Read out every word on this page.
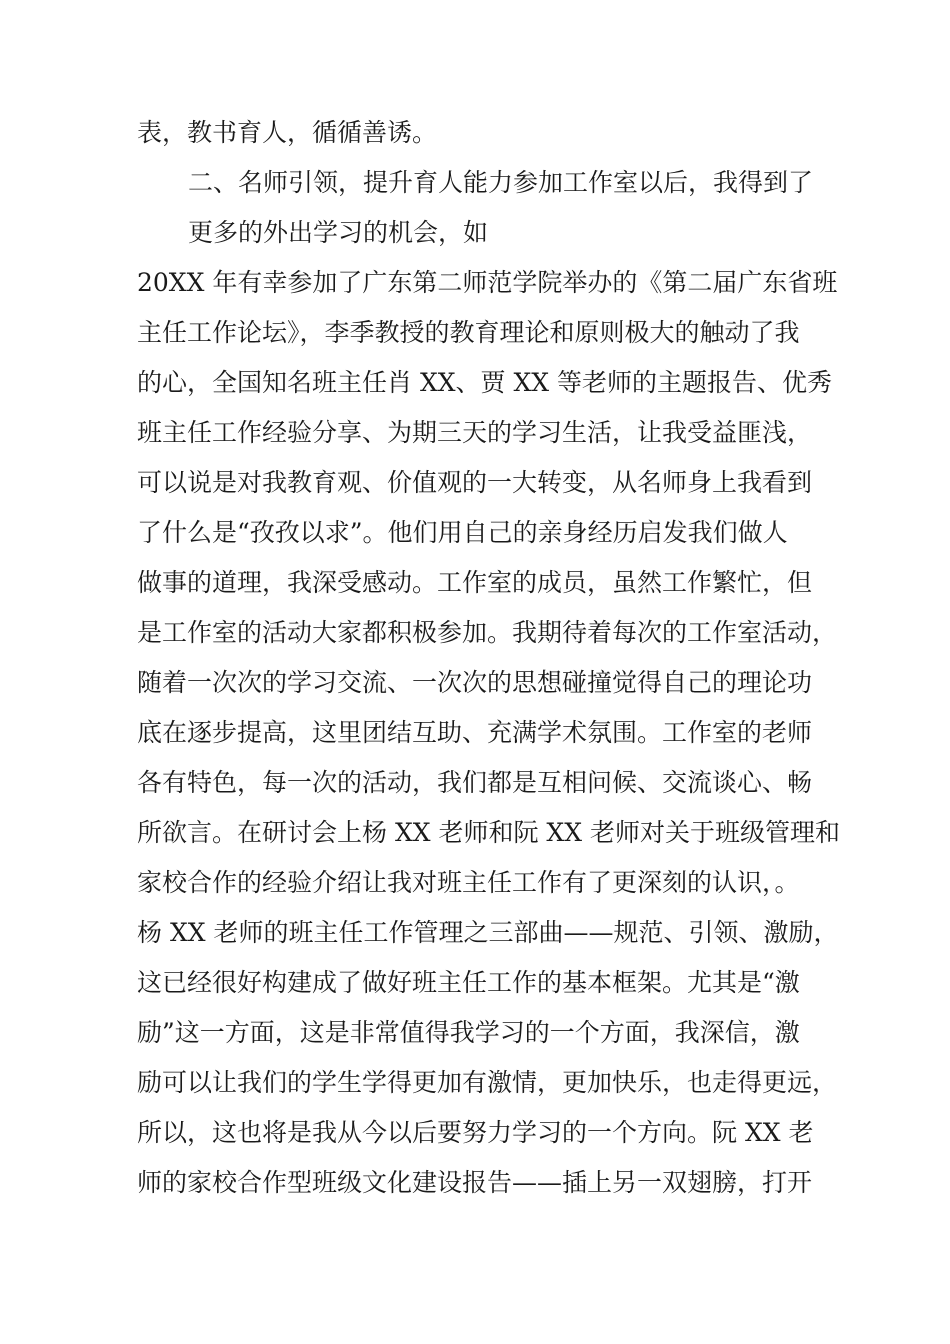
表，教书育人，循循善诱。
二、名师引领，提升育人能力参加工作室以后，我得到了
更多的外出学习的机会，如
20XX 年有幸参加了广东第二师范学院举办的《第二届广东省班
主任工作论坛》，李季教授的教育理论和原则极大的触动了我
的心，全国知名班主任肖 XX、贾 XX 等老师的主题报告、优秀
班主任工作经验分享、为期三天的学习生活，让我受益匪浅，
可以说是对我教育观、价值观的一大转变，从名师身上我看到
了什么是“孜孜以求”。他们用自己的亲身经历启发我们做人
做事的道理，我深受感动。工作室的成员，虽然工作繁忙，但
是工作室的活动大家都积极参加。我期待着每次的工作室活动，
随着一次次的学习交流、一次次的思想碰撞觉得自己的理论功
底在逐步提高，这里团结互助、充满学术氛围。工作室的老师
各有特色，每一次的活动，我们都是互相问候、交流谈心、畅
所欲言。在研讨会上杨 XX 老师和阮 XX 老师对关于班级管理和
家校合作的经验介绍让我对班主任工作有了更深刻的认识，。
杨 XX 老师的班主任工作管理之三部曲——规范、引领、激励，
这已经很好构建成了做好班主任工作的基本框架。尤其是“激
励”这一方面，这是非常值得我学习的一个方面，我深信，激
励可以让我们的学生学得更加有激情，更加快乐，也走得更远，
所以，这也将是我从今以后要努力学习的一个方向。阮 XX 老
师的家校合作型班级文化建设报告——插上另一双翅膀，打开
